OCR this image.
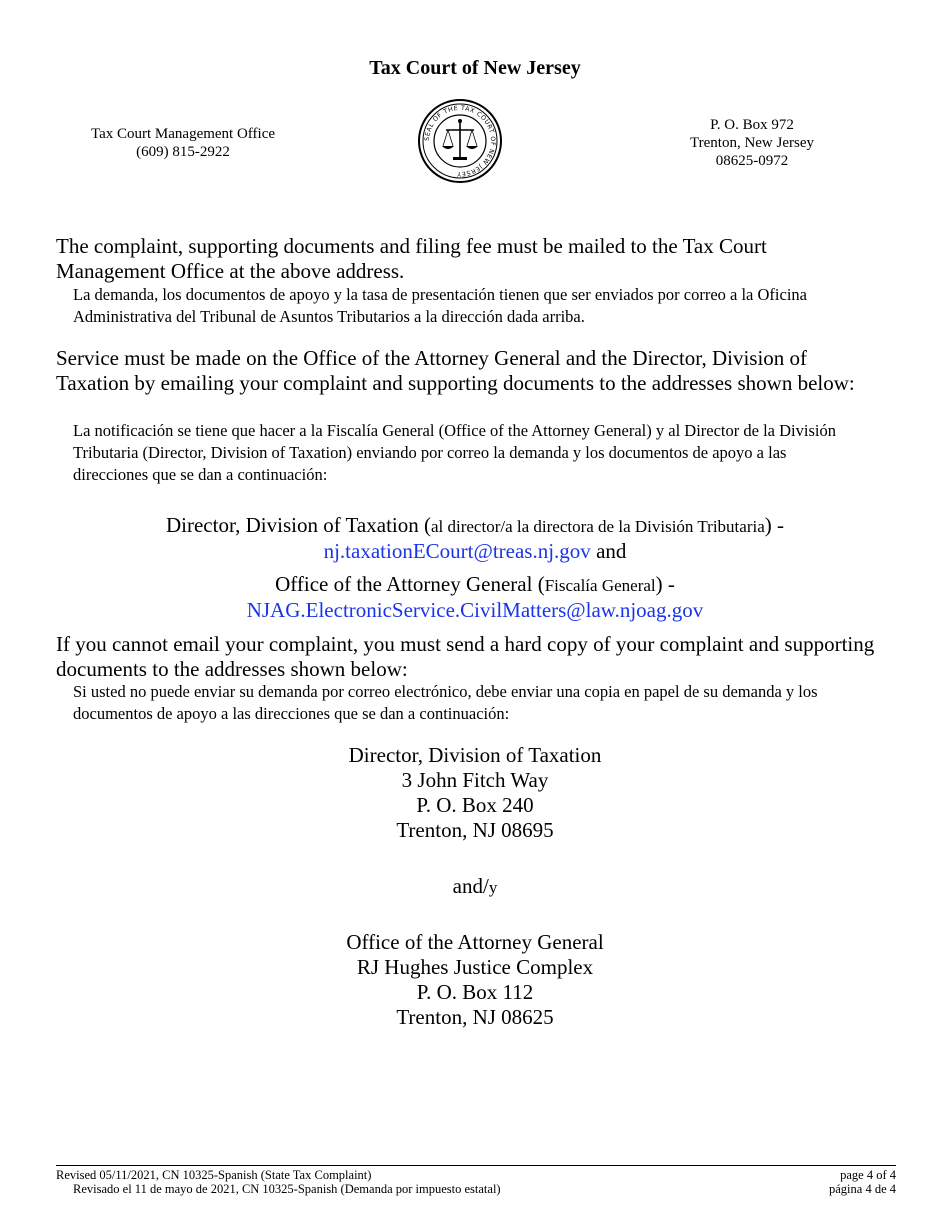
Tax Court of New Jersey
Tax Court Management Office
(609) 815-2922
SEAL OF THE TAX COURT OF NEW JERSEY
P. O. Box 972
Trenton, New Jersey
08625-0972
The complaint, supporting documents and filing fee must be mailed to the Tax Court Management Office at the above address.
La demanda, los documentos de apoyo y la tasa de presentación tienen que ser enviados por correo a la Oficina Administrativa del Tribunal de Asuntos Tributarios a la dirección dada arriba.
Service must be made on the Office of the Attorney General and the Director, Division of Taxation by emailing your complaint and supporting documents to the addresses shown below:
La notificación se tiene que hacer a la Fiscalía General (Office of the Attorney General) y al Director de la División Tributaria (Director, Division of Taxation) enviando por correo la demanda y los documentos de apoyo a las direcciones que se dan a continuación:
Director, Division of Taxation (al director/a la directora de la División Tributaria) -
nj.taxationECourt@treas.nj.gov and
Office of the Attorney General (Fiscalía General) -
NJAG.ElectronicService.CivilMatters@law.njoag.gov
If you cannot email your complaint, you must send a hard copy of your complaint and supporting documents to the addresses shown below:
Si usted no puede enviar su demanda por correo electrónico, debe enviar una copia en papel de su demanda y los documentos de apoyo a las direcciones que se dan a continuación:
Director, Division of Taxation
3 John Fitch Way
P. O. Box 240
Trenton, NJ 08695
and/y
Office of the Attorney General
RJ Hughes Justice Complex
P. O. Box 112
Trenton, NJ 08625
Revised 05/11/2021, CN 10325-Spanish (State Tax Complaint)
Revisado el 11 de mayo de 2021, CN 10325-Spanish (Demanda por impuesto estatal)
page 4 of 4
página 4 de 4
